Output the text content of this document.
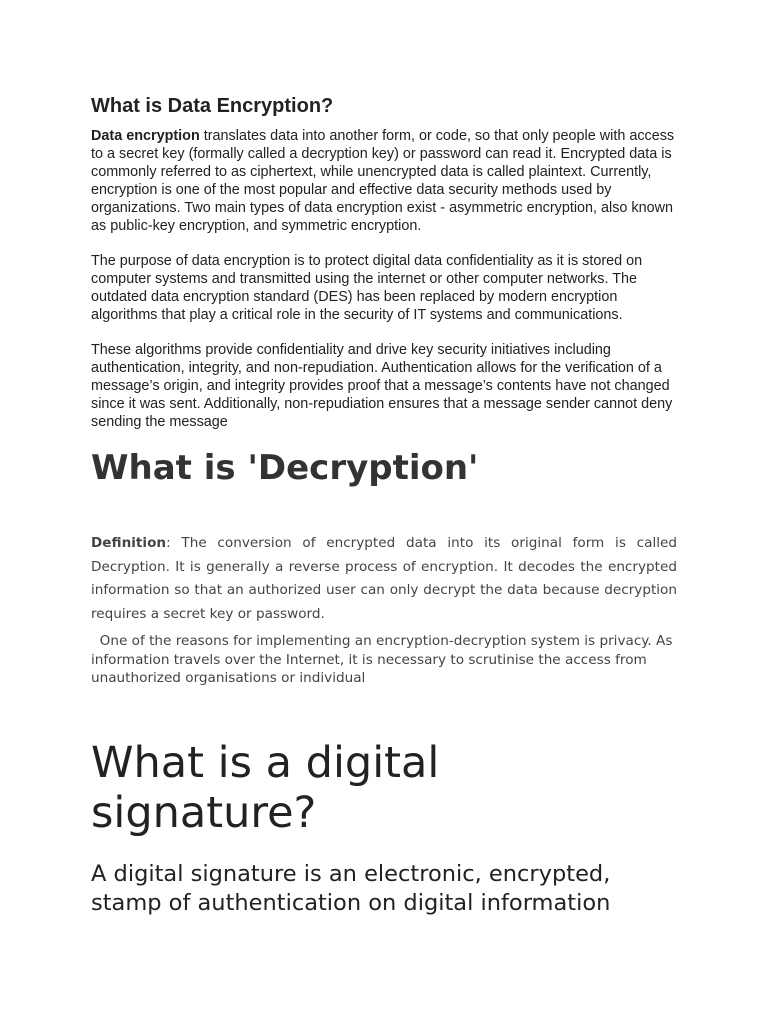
What is Data Encryption?

Data encryption translates data into another form, or code, so that only people with access to a secret key (formally called a decryption key) or password can read it. Encrypted data is commonly referred to as ciphertext, while unencrypted data is called plaintext. Currently, encryption is one of the most popular and effective data security methods used by organizations. Two main types of data encryption exist - asymmetric encryption, also known as public-key encryption, and symmetric encryption.

The purpose of data encryption is to protect digital data confidentiality as it is stored on computer systems and transmitted using the internet or other computer networks. The outdated data encryption standard (DES) has been replaced by modern encryption algorithms that play a critical role in the security of IT systems and communications.

These algorithms provide confidentiality and drive key security initiatives including authentication, integrity, and non-repudiation. Authentication allows for the verification of a message’s origin, and integrity provides proof that a message’s contents have not changed since it was sent. Additionally, non-repudiation ensures that a message sender cannot deny sending the message

What is 'Decryption'

Definition: The conversion of encrypted data into its original form is called Decryption. It is generally a reverse process of encryption. It decodes the encrypted information so that an authorized user can only decrypt the data because decryption requires a secret key or password.

One of the reasons for implementing an encryption-decryption system is privacy. As information travels over the Internet, it is necessary to scrutinise the access from unauthorized organisations or individual

What is a digital signature?

A digital signature is an electronic, encrypted, stamp of authentication on digital information
